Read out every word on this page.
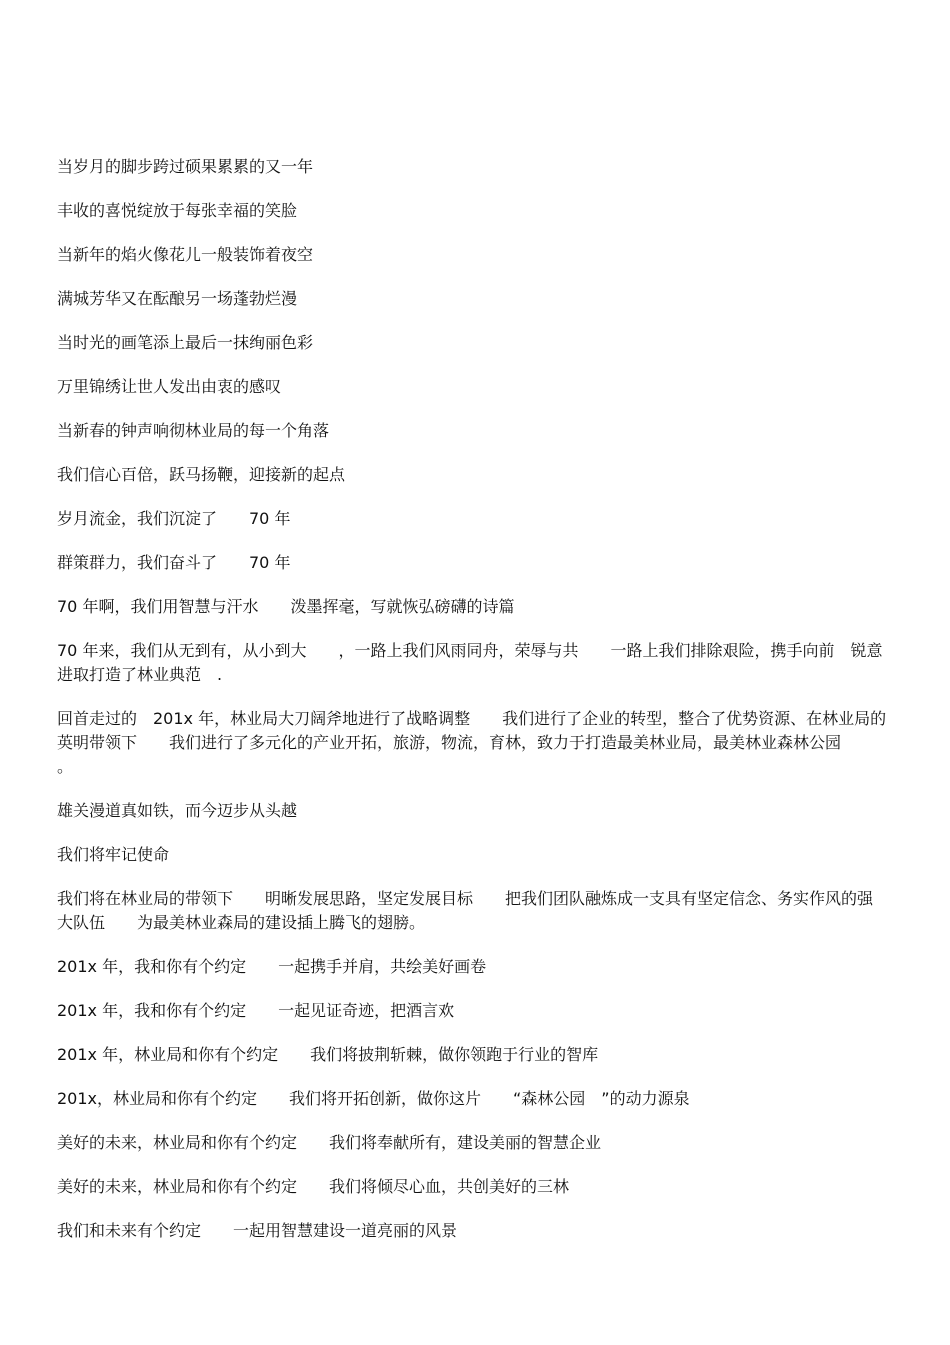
当岁月的脚步跨过硕果累累的又一年

丰收的喜悦绽放于每张幸福的笑脸

当新年的焰火像花儿一般装饰着夜空

满城芳华又在酝酿另一场蓬勃烂漫

当时光的画笔添上最后一抹绚丽色彩

万里锦绣让世人发出由衷的感叹

当新春的钟声响彻林业局的每一个角落

我们信心百倍，跃马扬鞭，迎接新的起点

岁月流金，我们沉淀了　　70 年

群策群力，我们奋斗了　　70 年

70 年啊，我们用智慧与汗水　　泼墨挥毫，写就恢弘磅礴的诗篇

70 年来，我们从无到有，从小到大　　，一路上我们风雨同舟，荣辱与共　　一路上我们排除艰险，携手向前　锐意进取打造了林业典范　.

回首走过的　201x 年，林业局大刀阔斧地进行了战略调整　　我们进行了企业的转型，整合了优势资源、在林业局的英明带领下　　我们进行了多元化的产业开拓，旅游，物流，育林，致力于打造最美林业局，最美林业森林公园　　。

雄关漫道真如铁，而今迈步从头越

我们将牢记使命

我们将在林业局的带领下　　明晰发展思路，坚定发展目标　　把我们团队融炼成一支具有坚定信念、务实作风的强大队伍　　为最美林业森局的建设插上腾飞的翅膀。

201x 年，我和你有个约定　　一起携手并肩，共绘美好画卷

201x 年，我和你有个约定　　一起见证奇迹，把酒言欢

201x 年，林业局和你有个约定　　我们将披荆斩棘，做你领跑于行业的智库

201x，林业局和你有个约定　　我们将开拓创新，做你这片　　“森林公园　”的动力源泉

美好的未来，林业局和你有个约定　　我们将奉献所有，建设美丽的智慧企业

美好的未来，林业局和你有个约定　　我们将倾尽心血，共创美好的三林

我们和未来有个约定　　一起用智慧建设一道亮丽的风景
